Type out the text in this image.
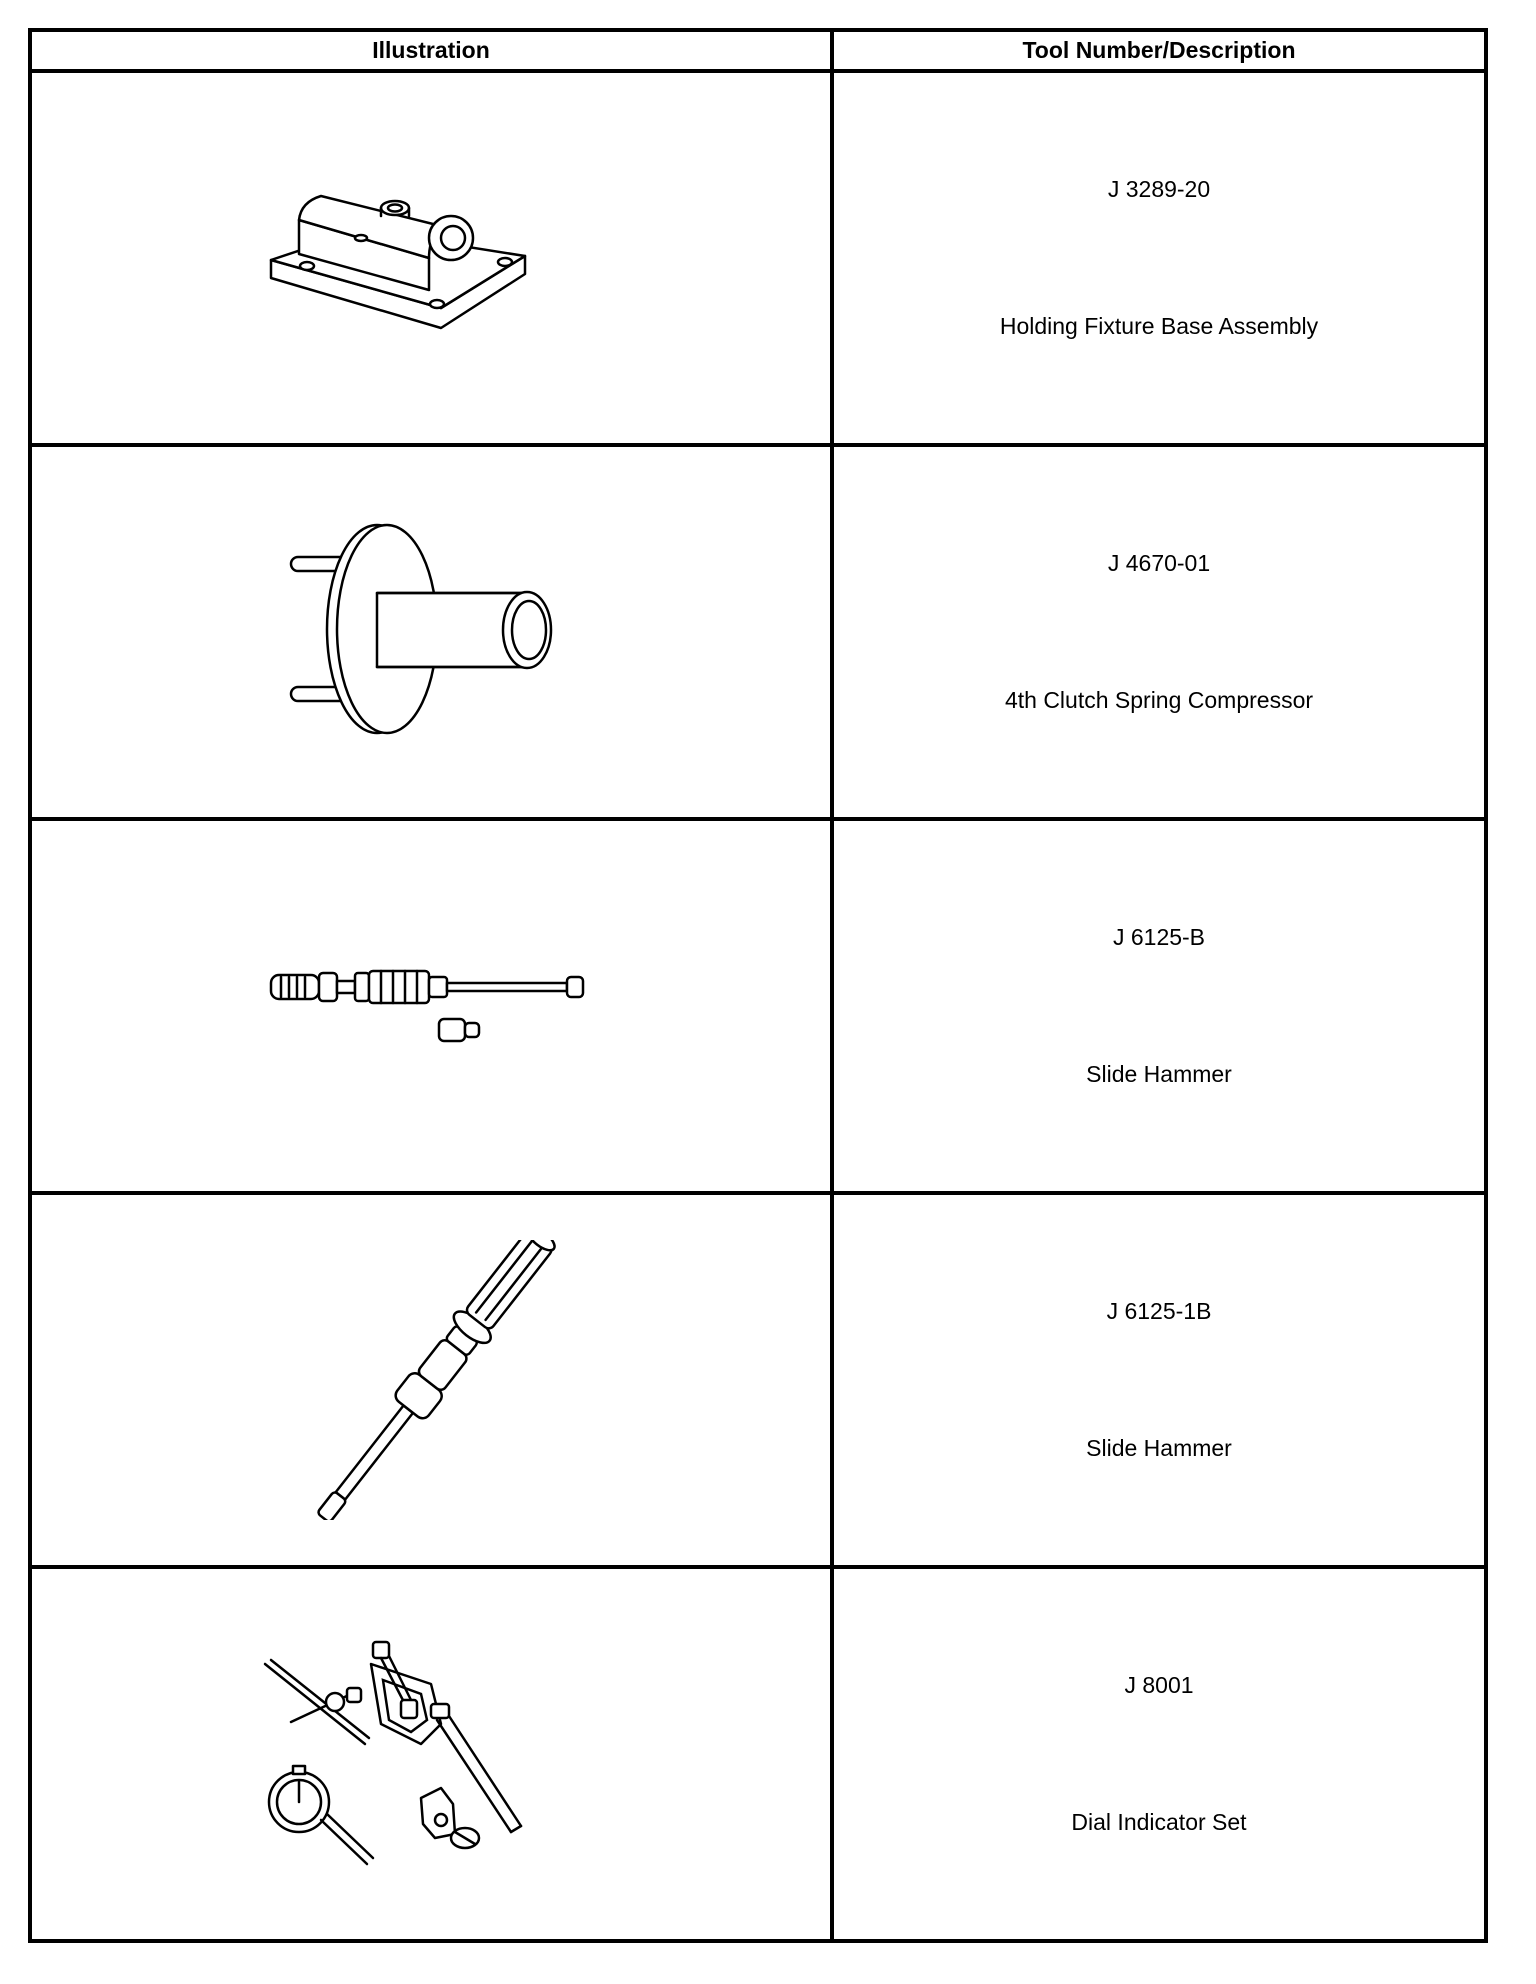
Illustration	Tool Number/Description

J 3289-20
Holding Fixture Base Assembly

J 4670-01
4th Clutch Spring Compressor

J 6125-B
Slide Hammer

J 6125-1B
Slide Hammer

J 8001
Dial Indicator Set
